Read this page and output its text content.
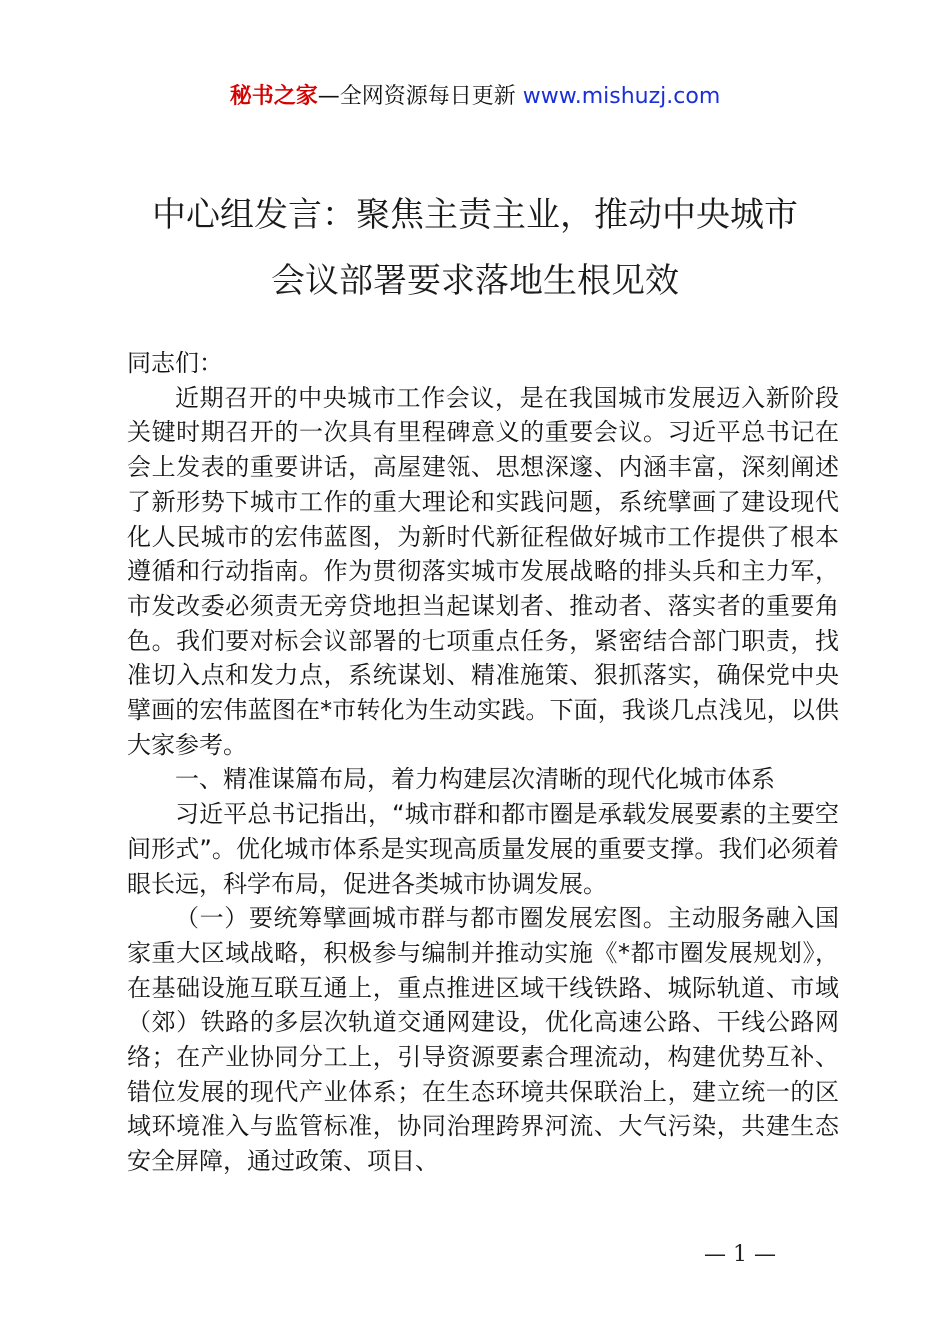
秘书之家—全网资源每日更新 www.mishuzj.com
中心组发言：聚焦主责主业，推动中央城市
会议部署要求落地生根见效

同志们：

近期召开的中央城市工作会议，是在我国城市发展迈入新阶段关键时期召开的一次具有里程碑意义的重要会议。习近平总书记在会上发表的重要讲话，高屋建瓴、思想深邃、内涵丰富，深刻阐述了新形势下城市工作的重大理论和实践问题，系统擘画了建设现代化人民城市的宏伟蓝图，为新时代新征程做好城市工作提供了根本遵循和行动指南。作为贯彻落实城市发展战略的排头兵和主力军，市发改委必须责无旁贷地担当起谋划者、推动者、落实者的重要角色。我们要对标会议部署的七项重点任务，紧密结合部门职责，找准切入点和发力点，系统谋划、精准施策、狠抓落实，确保党中央擘画的宏伟蓝图在*市转化为生动实践。下面，我谈几点浅见，以供大家参考。

一、精准谋篇布局，着力构建层次清晰的现代化城市体系

习近平总书记指出，“城市群和都市圈是承载发展要素的主要空间形式”。优化城市体系是实现高质量发展的重要支撑。我们必须着眼长远，科学布局，促进各类城市协调发展。

（一）要统筹擘画城市群与都市圈发展宏图。主动服务融入国家重大区域战略，积极参与编制并推动实施《*都市圈发展规划》，在基础设施互联互通上，重点推进区域干线铁路、城际轨道、市域（郊）铁路的多层次轨道交通网建设，优化高速公路、干线公路网络；在产业协同分工上，引导资源要素合理流动，构建优势互补、错位发展的现代产业体系；在生态环境共保联治上，建立统一的区域环境准入与监管标准，协同治理跨界河流、大气污染，共建生态安全屏障，通过政策、项目、

— 1 —
